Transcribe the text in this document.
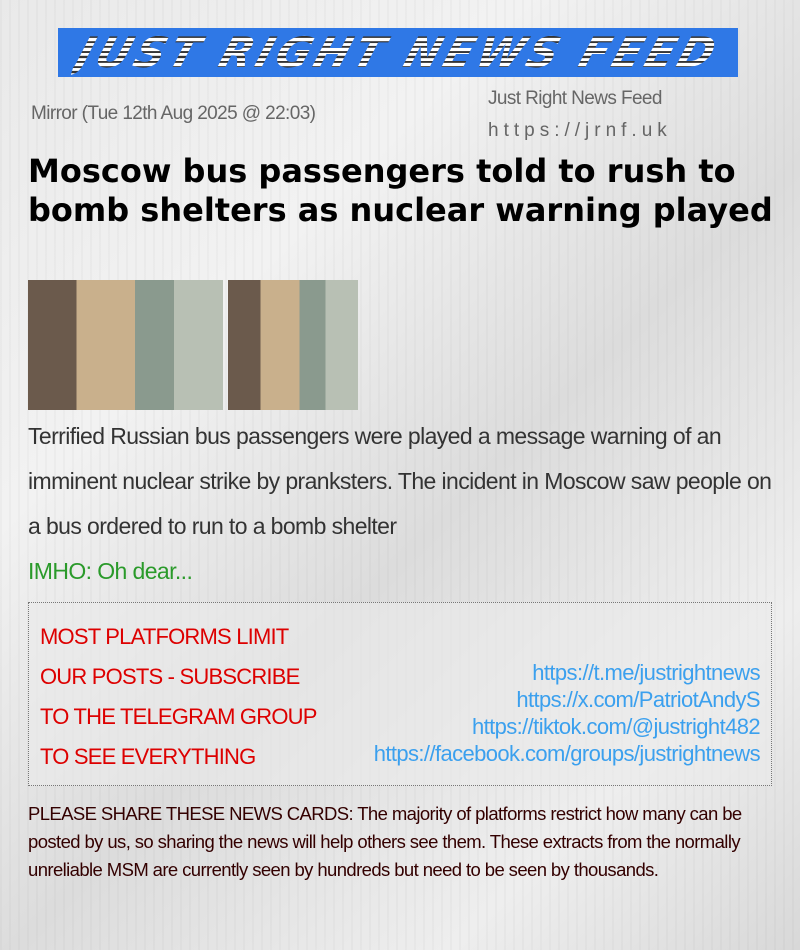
JUST RIGHT NEWS FEED
Mirror (Tue 12th Aug 2025 @ 22:03)
Just Right News Feed
https://jrnf.uk
Moscow bus passengers told to rush to bomb shelters as nuclear warning played
Terrified Russian bus passengers were played a message warning of an imminent nuclear strike by pranksters. The incident in Moscow saw people on a bus ordered to run to a bomb shelter
IMHO: Oh dear...
MOST PLATFORMS LIMIT
OUR POSTS - SUBSCRIBE
TO THE TELEGRAM GROUP
TO SEE EVERYTHING
https://t.me/justrightnews
https://x.com/PatriotAndyS
https://tiktok.com/@justright482
https://facebook.com/groups/justrightnews
PLEASE SHARE THESE NEWS CARDS: The majority of platforms restrict how many can be posted by us, so sharing the news will help others see them. These extracts from the normally unreliable MSM are currently seen by hundreds but need to be seen by thousands.
